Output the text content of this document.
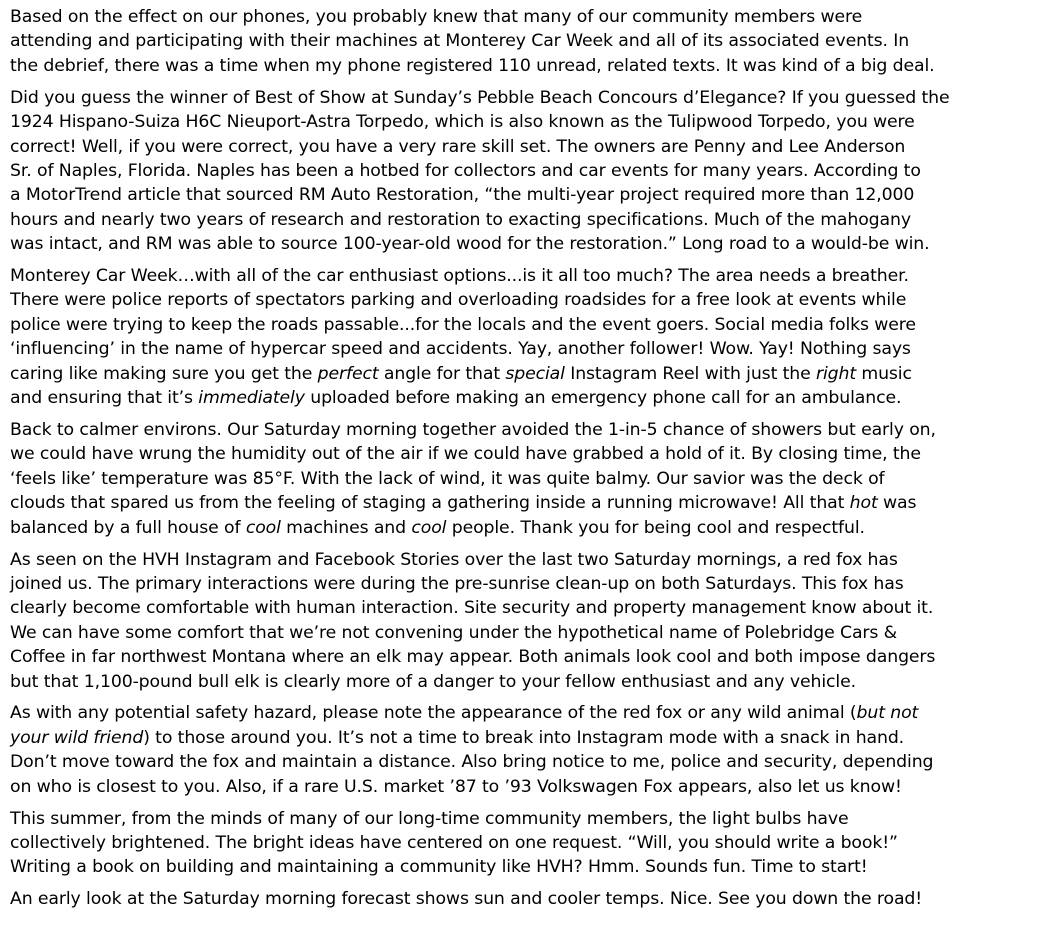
Based on the effect on our phones, you probably knew that many of our community members were
attending and participating with their machines at Monterey Car Week and all of its associated events. In
the debrief, there was a time when my phone registered 110 unread, related texts. It was kind of a big deal.

Did you guess the winner of Best of Show at Sunday’s Pebble Beach Concours d’Elegance? If you guessed the
1924 Hispano-Suiza H6C Nieuport-Astra Torpedo, which is also known as the Tulipwood Torpedo, you were
correct! Well, if you were correct, you have a very rare skill set. The owners are Penny and Lee Anderson
Sr. of Naples, Florida. Naples has been a hotbed for collectors and car events for many years. According to
a MotorTrend article that sourced RM Auto Restoration, “the multi-year project required more than 12,000
hours and nearly two years of research and restoration to exacting specifications. Much of the mahogany
was intact, and RM was able to source 100-year-old wood for the restoration.” Long road to a would-be win.

Monterey Car Week…with all of the car enthusiast options...is it all too much? The area needs a breather.
There were police reports of spectators parking and overloading roadsides for a free look at events while
police were trying to keep the roads passable...for the locals and the event goers. Social media folks were
‘influencing’ in the name of hypercar speed and accidents. Yay, another follower! Wow. Yay! Nothing says
caring like making sure you get the perfect angle for that special Instagram Reel with just the right music
and ensuring that it’s immediately uploaded before making an emergency phone call for an ambulance.

Back to calmer environs. Our Saturday morning together avoided the 1-in-5 chance of showers but early on,
we could have wrung the humidity out of the air if we could have grabbed a hold of it. By closing time, the
‘feels like’ temperature was 85°F. With the lack of wind, it was quite balmy. Our savior was the deck of
clouds that spared us from the feeling of staging a gathering inside a running microwave! All that hot was
balanced by a full house of cool machines and cool people. Thank you for being cool and respectful.

As seen on the HVH Instagram and Facebook Stories over the last two Saturday mornings, a red fox has
joined us. The primary interactions were during the pre-sunrise clean-up on both Saturdays. This fox has
clearly become comfortable with human interaction. Site security and property management know about it.
We can have some comfort that we’re not convening under the hypothetical name of Polebridge Cars &
Coffee in far northwest Montana where an elk may appear. Both animals look cool and both impose dangers
but that 1,100-pound bull elk is clearly more of a danger to your fellow enthusiast and any vehicle.

As with any potential safety hazard, please note the appearance of the red fox or any wild animal (but not
your wild friend) to those around you. It’s not a time to break into Instagram mode with a snack in hand.
Don’t move toward the fox and maintain a distance. Also bring notice to me, police and security, depending
on who is closest to you. Also, if a rare U.S. market ’87 to ’93 Volkswagen Fox appears, also let us know!

This summer, from the minds of many of our long-time community members, the light bulbs have
collectively brightened. The bright ideas have centered on one request. “Will, you should write a book!”
Writing a book on building and maintaining a community like HVH? Hmm. Sounds fun. Time to start!

An early look at the Saturday morning forecast shows sun and cooler temps. Nice. See you down the road!
